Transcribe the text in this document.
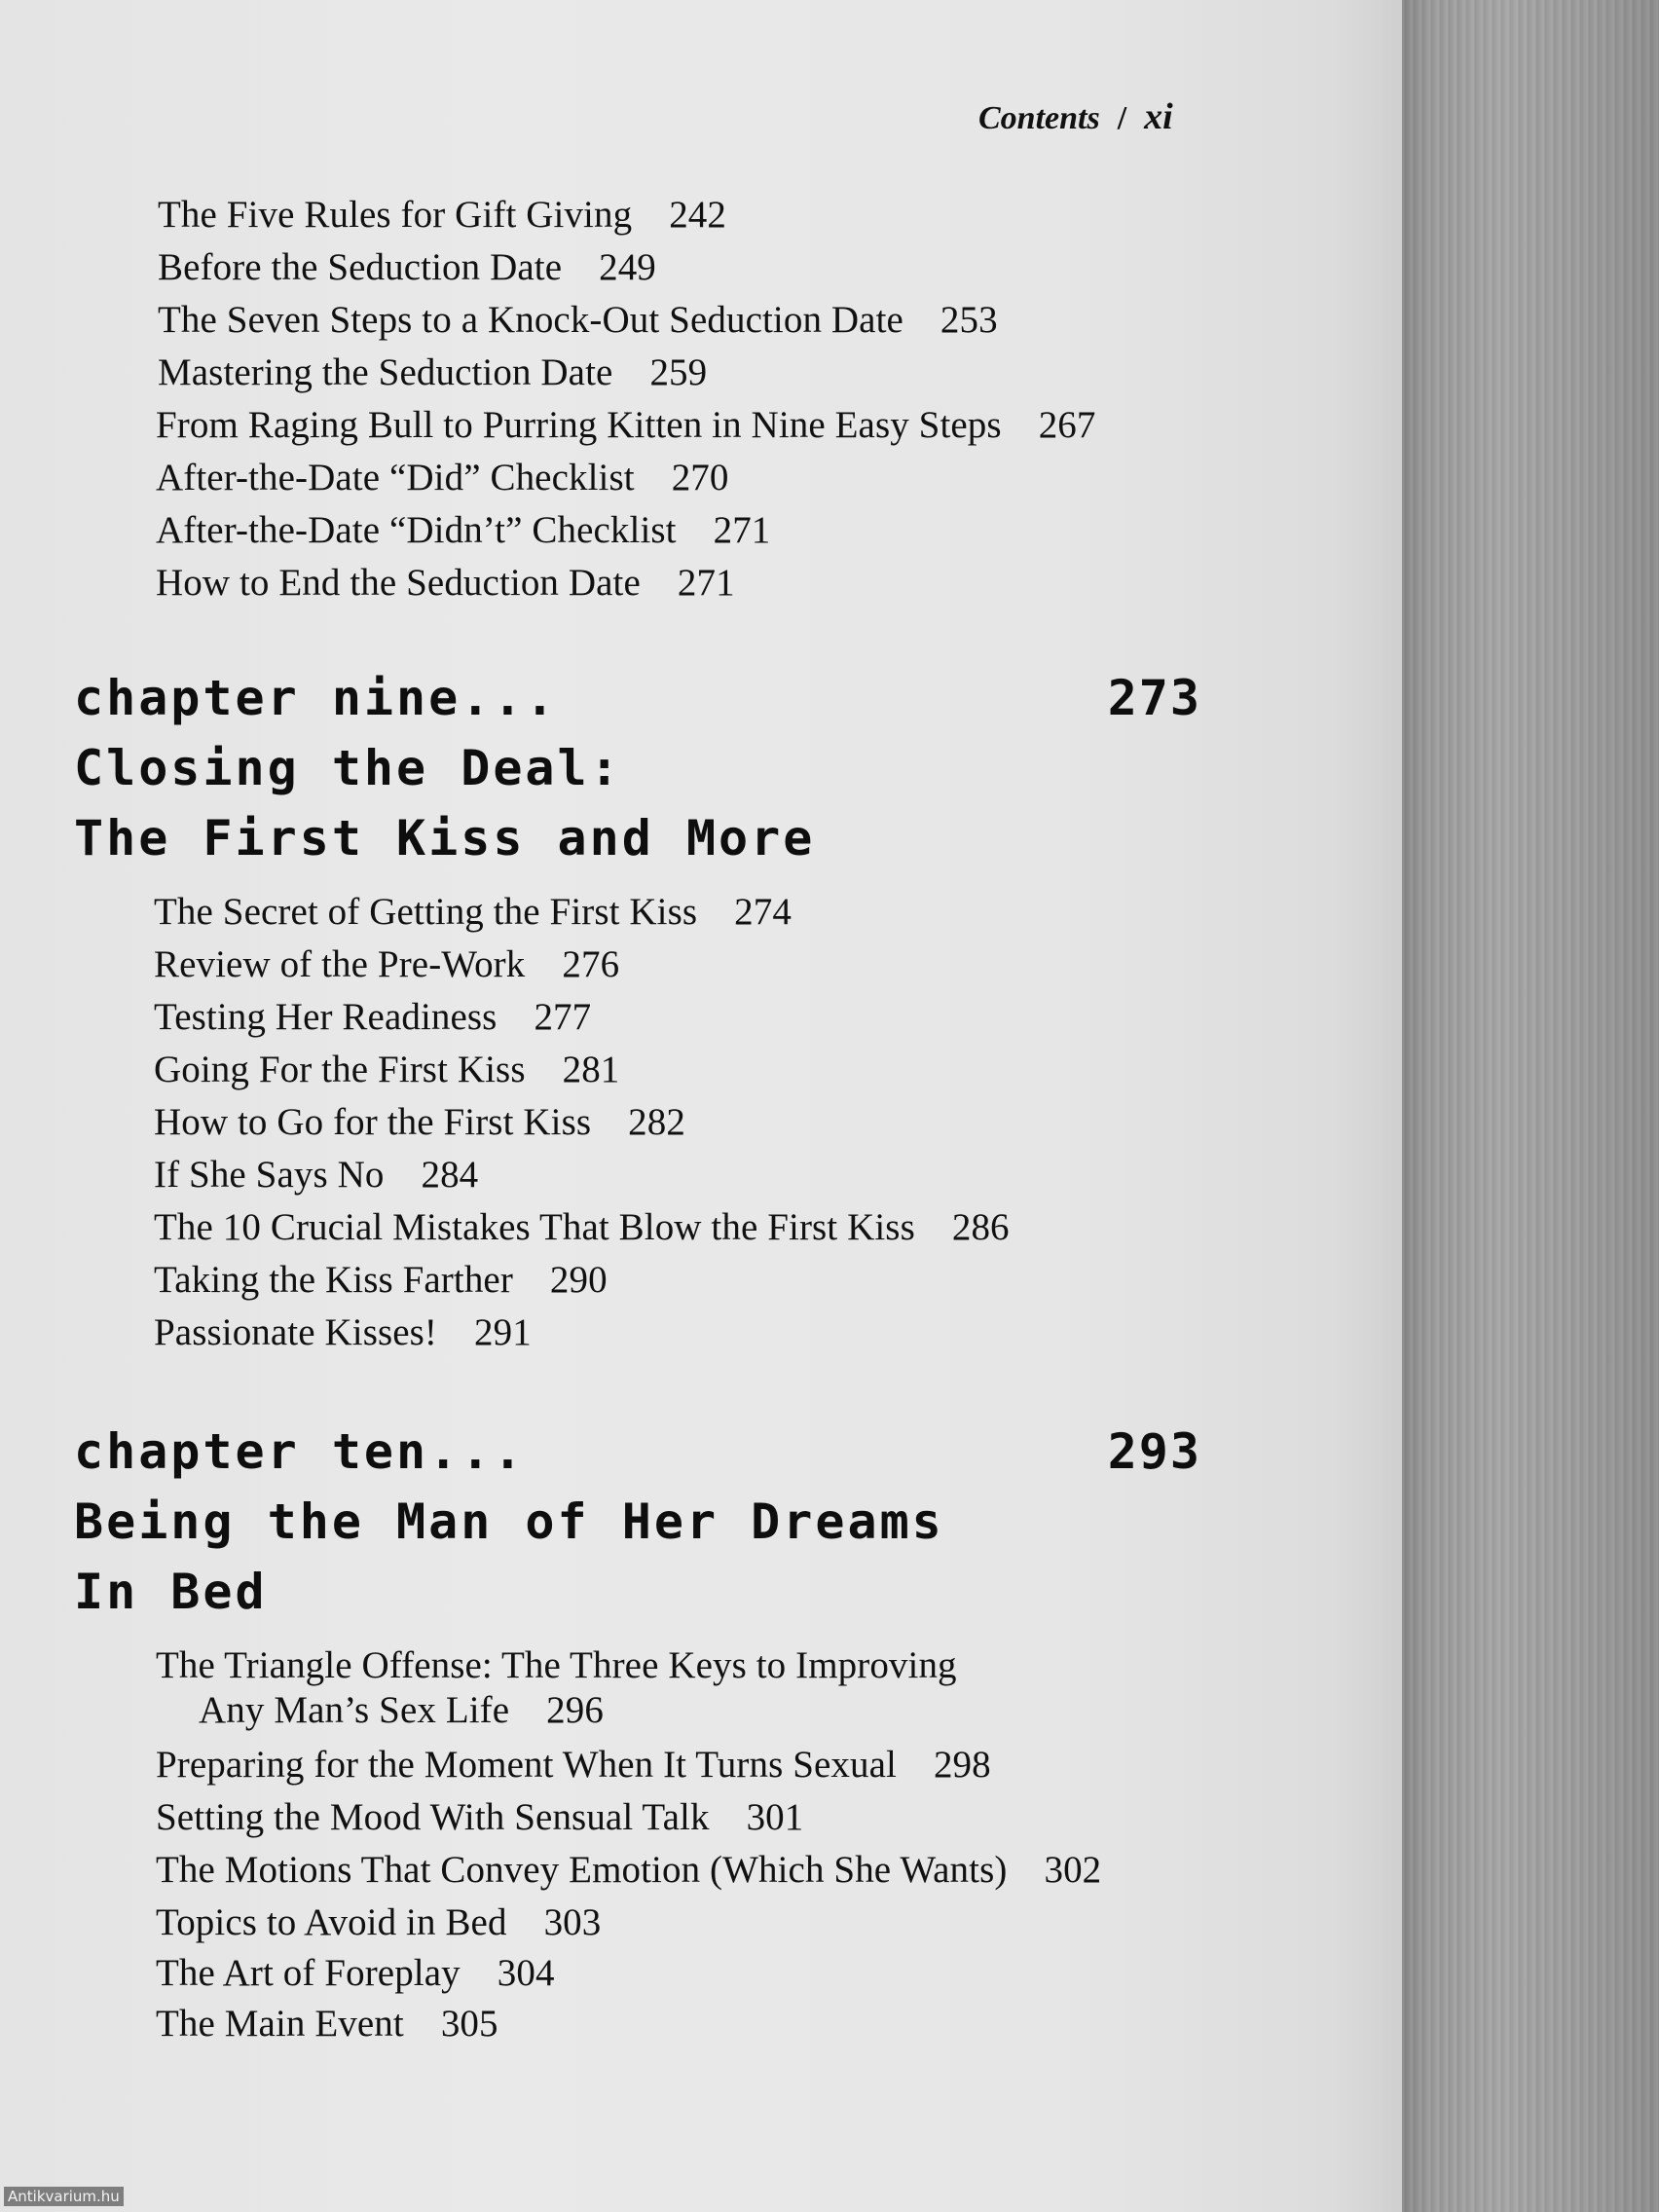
Contents / xi
The Five Rules for Gift Giving 242
Before the Seduction Date 249
The Seven Steps to a Knock-Out Seduction Date 253
Mastering the Seduction Date 259
From Raging Bull to Purring Kitten in Nine Easy Steps 267
After-the-Date “Did” Checklist 270
After-the-Date “Didn’t” Checklist 271
How to End the Seduction Date 271
chapter nine...	273
Closing the Deal:
The First Kiss and More
The Secret of Getting the First Kiss 274
Review of the Pre-Work 276
Testing Her Readiness 277
Going For the First Kiss 281
How to Go for the First Kiss 282
If She Says No 284
The 10 Crucial Mistakes That Blow the First Kiss 286
Taking the Kiss Farther 290
Passionate Kisses! 291
chapter ten...	293
Being the Man of Her Dreams
In Bed
The Triangle Offense: The Three Keys to Improving
Any Man’s Sex Life 296
Preparing for the Moment When It Turns Sexual 298
Setting the Mood With Sensual Talk 301
The Motions That Convey Emotion (Which She Wants) 302
Topics to Avoid in Bed 303
The Art of Foreplay 304
The Main Event 305
Antikvarium.hu
